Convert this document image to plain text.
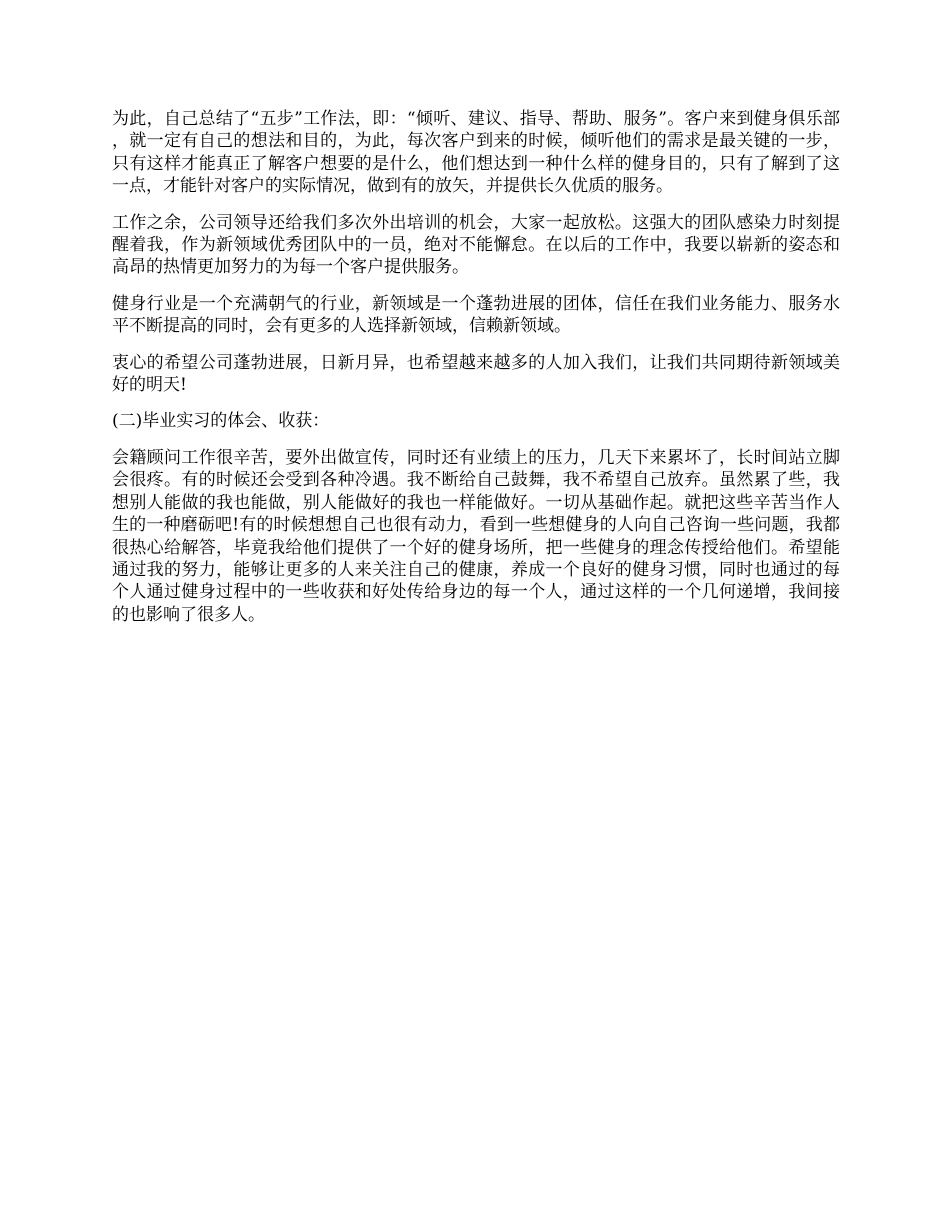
为此，自己总结了“五步”工作法，即：“倾听、建议、指导、帮助、服务”。客户来到健身俱乐部，就一定有自己的想法和目的，为此，每次客户到来的时候，倾听他们的需求是最关键的一步，只有这样才能真正了解客户想要的是什么，他们想达到一种什么样的健身目的，只有了解到了这一点，才能针对客户的实际情况，做到有的放矢，并提供长久优质的服务。

工作之余，公司领导还给我们多次外出培训的机会，大家一起放松。这强大的团队感染力时刻提醒着我，作为新领域优秀团队中的一员，绝对不能懈怠。在以后的工作中，我要以崭新的姿态和高昂的热情更加努力的为每一个客户提供服务。

健身行业是一个充满朝气的行业，新领域是一个蓬勃进展的团体，信任在我们业务能力、服务水平不断提高的同时，会有更多的人选择新领域，信赖新领域。

衷心的希望公司蓬勃进展，日新月异，也希望越来越多的人加入我们，让我们共同期待新领域美好的明天!

(二)毕业实习的体会、收获：

会籍顾问工作很辛苦，要外出做宣传，同时还有业绩上的压力，几天下来累坏了，长时间站立脚会很疼。有的时候还会受到各种冷遇。我不断给自己鼓舞，我不希望自己放弃。虽然累了些，我想别人能做的我也能做，别人能做好的我也一样能做好。一切从基础作起。就把这些辛苦当作人生的一种磨砺吧!有的时候想想自己也很有动力，看到一些想健身的人向自己咨询一些问题，我都很热心给解答，毕竟我给他们提供了一个好的健身场所，把一些健身的理念传授给他们。希望能通过我的努力，能够让更多的人来关注自己的健康，养成一个良好的健身习惯，同时也通过的每个人通过健身过程中的一些收获和好处传给身边的每一个人，通过这样的一个几何递增，我间接的也影响了很多人。
